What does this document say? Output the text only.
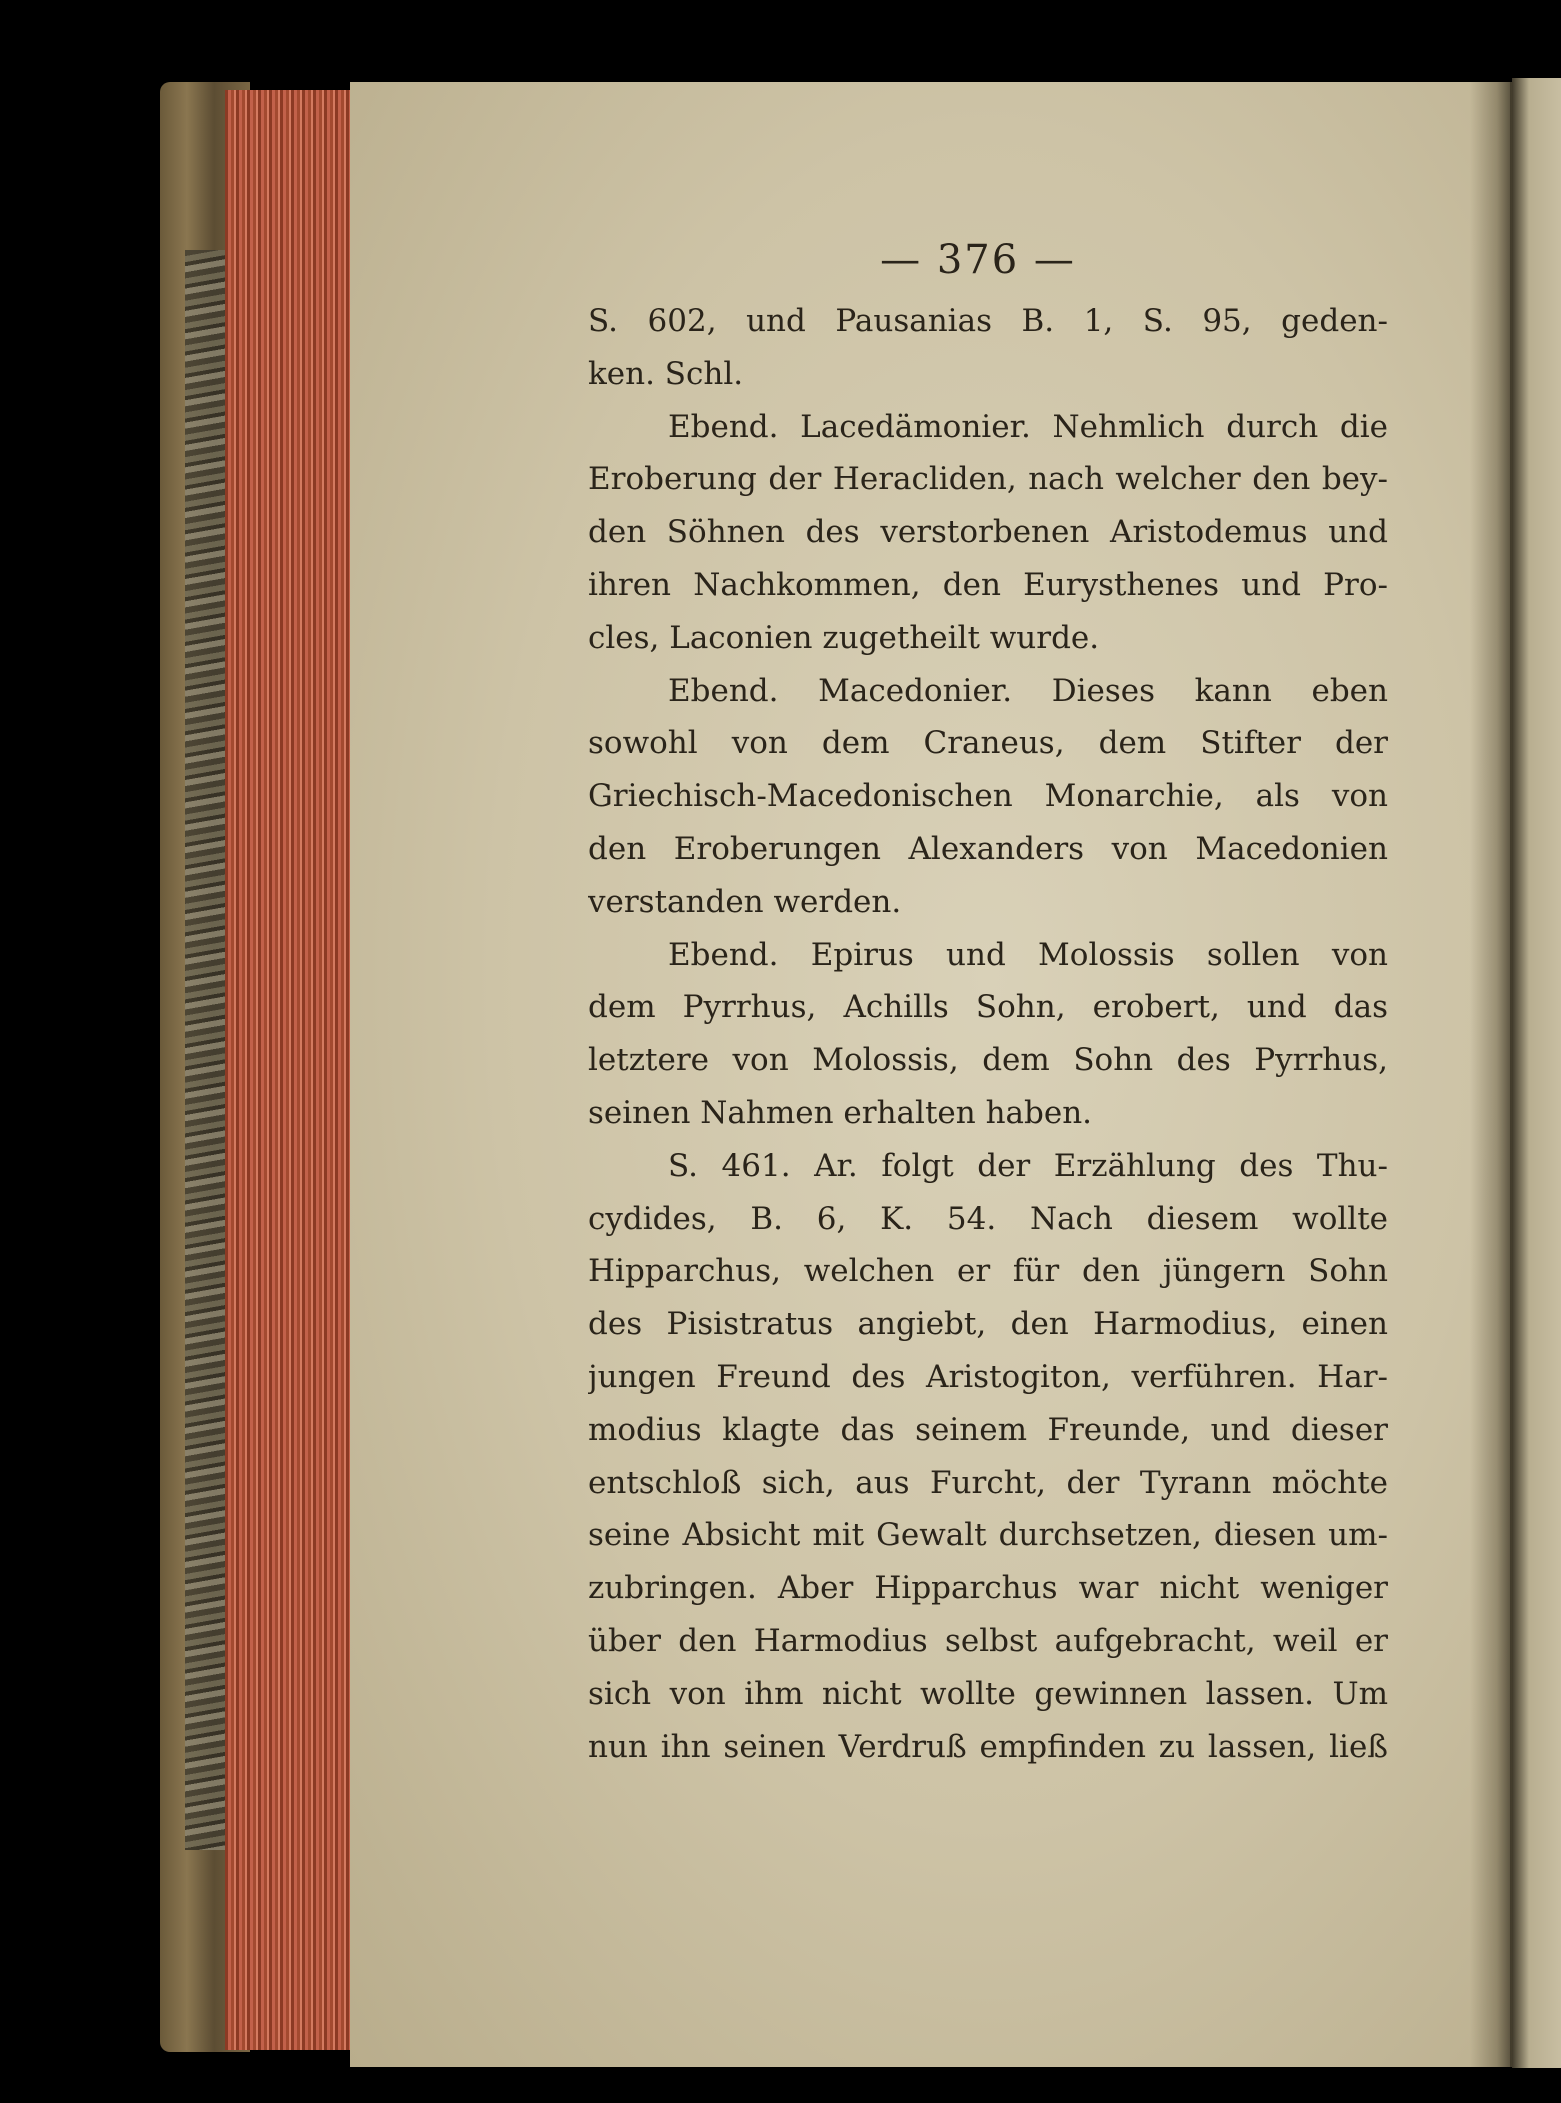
— 376 —
S. 602, und Pausanias B. 1, S. 95, geden-
ken. Schl.
Ebend. Lacedämonier. Nehmlich durch die
Eroberung der Heracliden, nach welcher den bey-
den Söhnen des verstorbenen Aristodemus und
ihren Nachkommen, den Eurysthenes und Pro-
cles, Laconien zugetheilt wurde.
Ebend. Macedonier. Dieses kann eben
sowohl von dem Craneus, dem Stifter der
Griechisch-Macedonischen Monarchie, als von
den Eroberungen Alexanders von Macedonien
verstanden werden.
Ebend. Epirus und Molossis sollen von
dem Pyrrhus, Achills Sohn, erobert, und das
letztere von Molossis, dem Sohn des Pyrrhus,
seinen Nahmen erhalten haben.
S. 461. Ar. folgt der Erzählung des Thu-
cydides, B. 6, K. 54. Nach diesem wollte
Hipparchus, welchen er für den jüngern Sohn
des Pisistratus angiebt, den Harmodius, einen
jungen Freund des Aristogiton, verführen. Har-
modius klagte das seinem Freunde, und dieser
entschloß sich, aus Furcht, der Tyrann möchte
seine Absicht mit Gewalt durchsetzen, diesen um-
zubringen. Aber Hipparchus war nicht weniger
über den Harmodius selbst aufgebracht, weil er
sich von ihm nicht wollte gewinnen lassen. Um
nun ihn seinen Verdruß empfinden zu lassen, ließ
